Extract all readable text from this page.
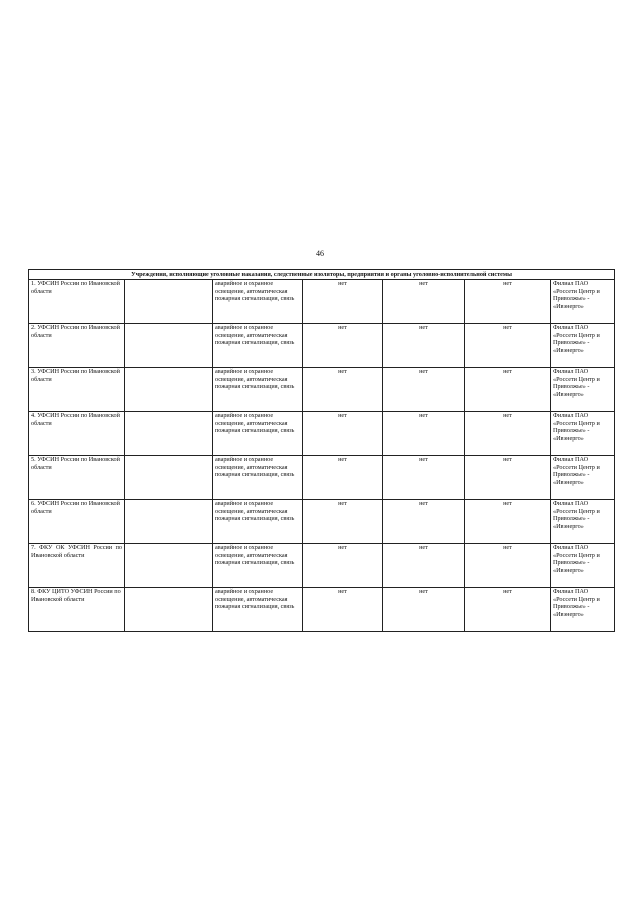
46
Учреждения, исполняющие уголовные наказания, следственные изоляторы, предприятия и органы уголовно-исполнительной системы						
1. УФСИН России по Ивановской области		аварийное и охранное освещение, автоматическая пожарная сигнализация, связь	нет	нет	нет	Филиал ПАО «Россети Центр и Приволжье» - «Ивэнерго»
2. УФСИН России по Ивановской области		аварийное и охранное освещение, автоматическая пожарная сигнализация, связь	нет	нет	нет	Филиал ПАО «Россети Центр и Приволжье» - «Ивэнерго»
3. УФСИН России по Ивановской области		аварийное и охранное освещение, автоматическая пожарная сигнализация, связь	нет	нет	нет	Филиал ПАО «Россети Центр и Приволжье» - «Ивэнерго»
4. УФСИН России по Ивановской области		аварийное и охранное освещение, автоматическая пожарная сигнализация, связь	нет	нет	нет	Филиал ПАО «Россети Центр и Приволжье» - «Ивэнерго»
5. УФСИН России по Ивановской области		аварийное и охранное освещение, автоматическая пожарная сигнализация, связь	нет	нет	нет	Филиал ПАО «Россети Центр и Приволжье» - «Ивэнерго»
6. УФСИН России по Ивановской области		аварийное и охранное освещение, автоматическая пожарная сигнализация, связь	нет	нет	нет	Филиал ПАО «Россети Центр и Приволжье» - «Ивэнерго»
7. ФКУ ОК УФСИН России по Ивановской области		аварийное и охранное освещение, автоматическая пожарная сигнализация, связь	нет	нет	нет	Филиал ПАО «Россети Центр и Приволжье» - «Ивэнерго»
8. ФКУ ЦИТО УФСИН России по Ивановской области		аварийное и охранное освещение, автоматическая пожарная сигнализация, связь	нет	нет	нет	Филиал ПАО «Россети Центр и Приволжье» - «Ивэнерго»
